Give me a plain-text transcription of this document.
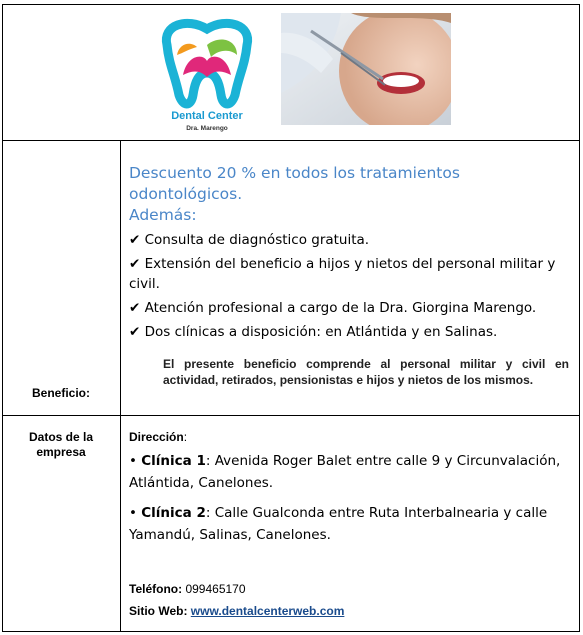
Dental Center
Dra. Marengo
Beneficio:

Descuento 20 % en todos los tratamientos odontológicos.

Además:

✔ Consulta de diagnóstico gratuita.

✔ Extensión del beneficio a hijos y nietos del personal militar y civil.

✔ Atención profesional a cargo de la Dra. Giorgina Marengo.

✔ Dos clínicas a disposición: en Atlántida y en Salinas.

El presente beneficio comprende al personal militar y civil en actividad, retirados, pensionistas e hijos y nietos de los mismos.

Datos de la empresa
Dirección:

• Clínica 1: Avenida Roger Balet entre calle 9 y Circunvalación, Atlántida, Canelones.

• Clínica 2: Calle Gualconda entre Ruta Interbalnearia y calle Yamandú, Salinas, Canelones.

Teléfono: 099465170
Sitio Web: www.dentalcenterweb.com
